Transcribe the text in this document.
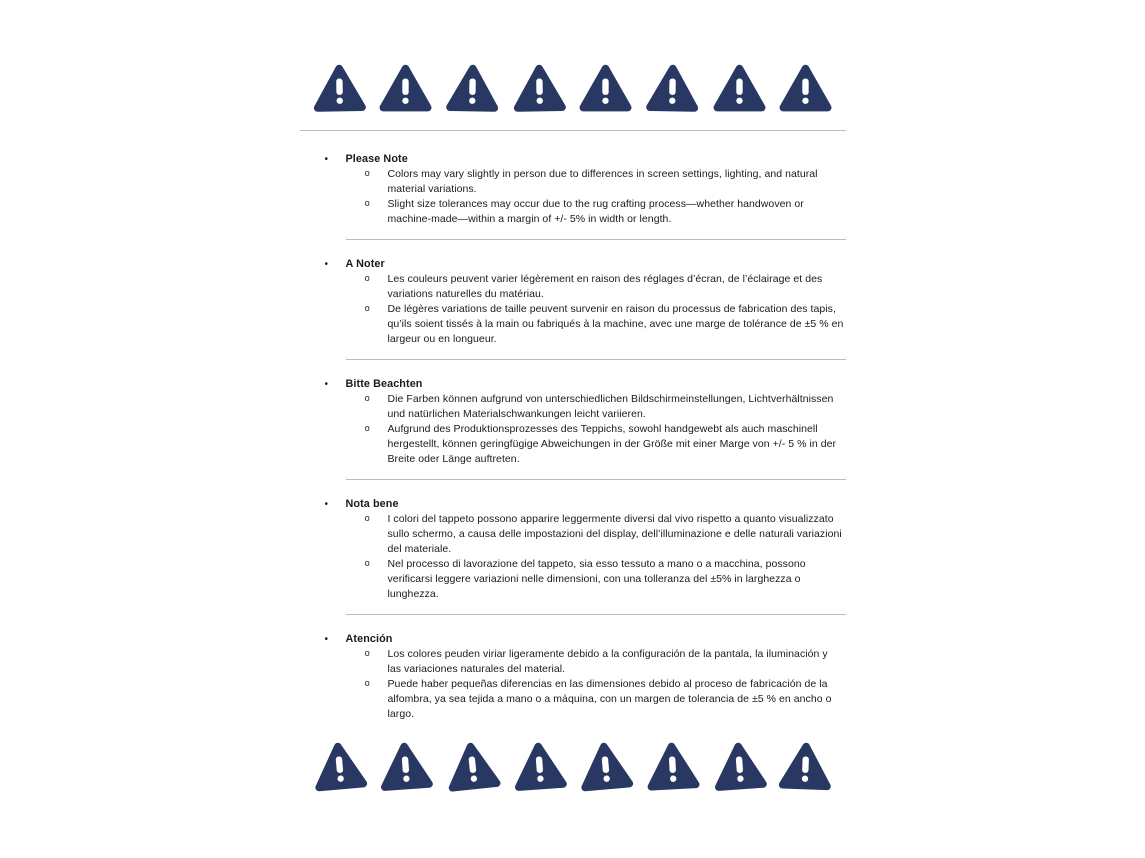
•	Please Note
o	Colors may vary slightly in person due to differences in screen settings, lighting, and natural material variations.
o	Slight size tolerances may occur due to the rug crafting process—whether handwoven or machine-made—within a margin of +/- 5% in width or length.
•	A Noter
o	Les couleurs peuvent varier légèrement en raison des réglages d’écran, de l’éclairage et des variations naturelles du matériau.
o	De légères variations de taille peuvent survenir en raison du processus de fabrication des tapis, qu’ils soient tissés à la main ou fabriqués à la machine, avec une marge de tolérance de ±5 % en largeur ou en longueur.
•	Bitte Beachten
o	Die Farben können aufgrund von unterschiedlichen Bildschirmeinstellungen, Lichtverhältnissen und natürlichen Materialschwankungen leicht variieren.
o	Aufgrund des Produktionsprozesses des Teppichs, sowohl handgewebt als auch maschinell hergestellt, können geringfügige Abweichungen in der Größe mit einer Marge von +/- 5 % in der Breite oder Länge auftreten.
•	Nota bene
o	I colori del tappeto possono apparire leggermente diversi dal vivo rispetto a quanto visualizzato sullo schermo, a causa delle impostazioni del display, dell’illuminazione e delle naturali variazioni del materiale.
o	Nel processo di lavorazione del tappeto, sia esso tessuto a mano o a macchina, possono verificarsi leggere variazioni nelle dimensioni, con una tolleranza del ±5% in larghezza o lunghezza.
•	Atención
o	Los colores peuden viriar ligeramente debido a la configuración de la pantala, la iluminación y las variaciones naturales del material.
o	Puede haber pequeñas diferencias en las dimensiones debido al proceso de fabricación de la alfombra, ya sea tejida a mano o a máquina, con un margen de tolerancia de ±5 % en ancho o largo.
